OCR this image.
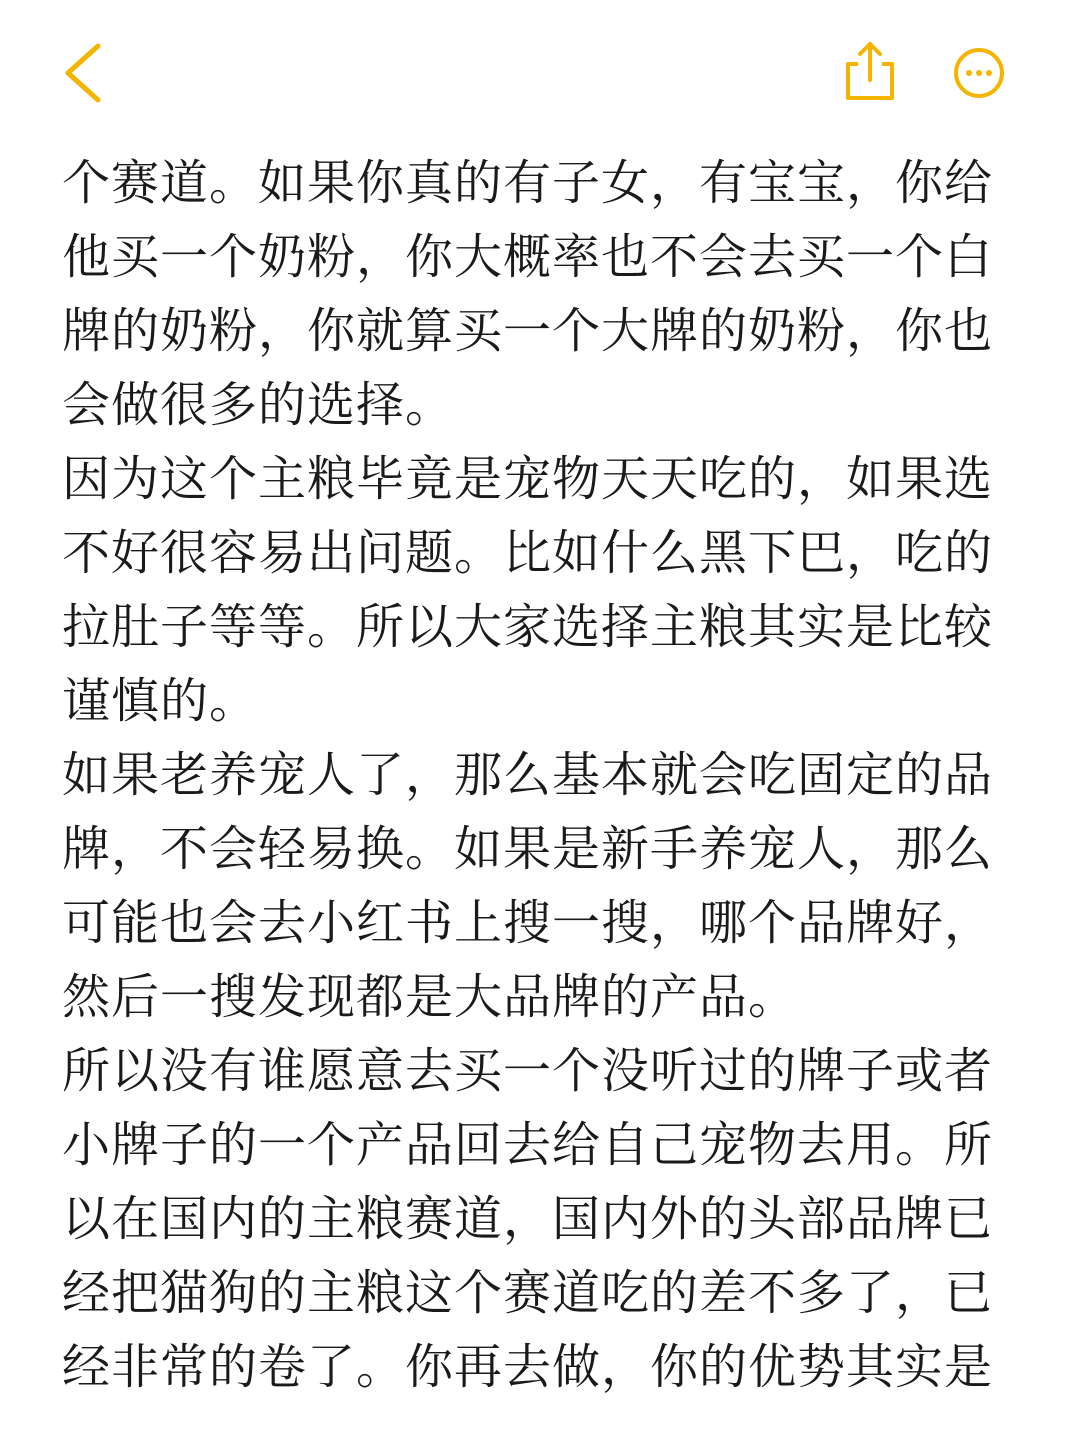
个赛道。如果你真的有子女，有宝宝，你给
他买一个奶粉，你大概率也不会去买一个白
牌的奶粉，你就算买一个大牌的奶粉，你也
会做很多的选择。

因为这个主粮毕竟是宠物天天吃的，如果选
不好很容易出问题。比如什么黑下巴，吃的
拉肚子等等。所以大家选择主粮其实是比较
谨慎的。

如果老养宠人了，那么基本就会吃固定的品
牌，不会轻易换。如果是新手养宠人，那么
可能也会去小红书上搜一搜，哪个品牌好，
然后一搜发现都是大品牌的产品。

所以没有谁愿意去买一个没听过的牌子或者
小牌子的一个产品回去给自己宠物去用。所
以在国内的主粮赛道，国内外的头部品牌已
经把猫狗的主粮这个赛道吃的差不多了，已
经非常的卷了。你再去做，你的优势其实是
